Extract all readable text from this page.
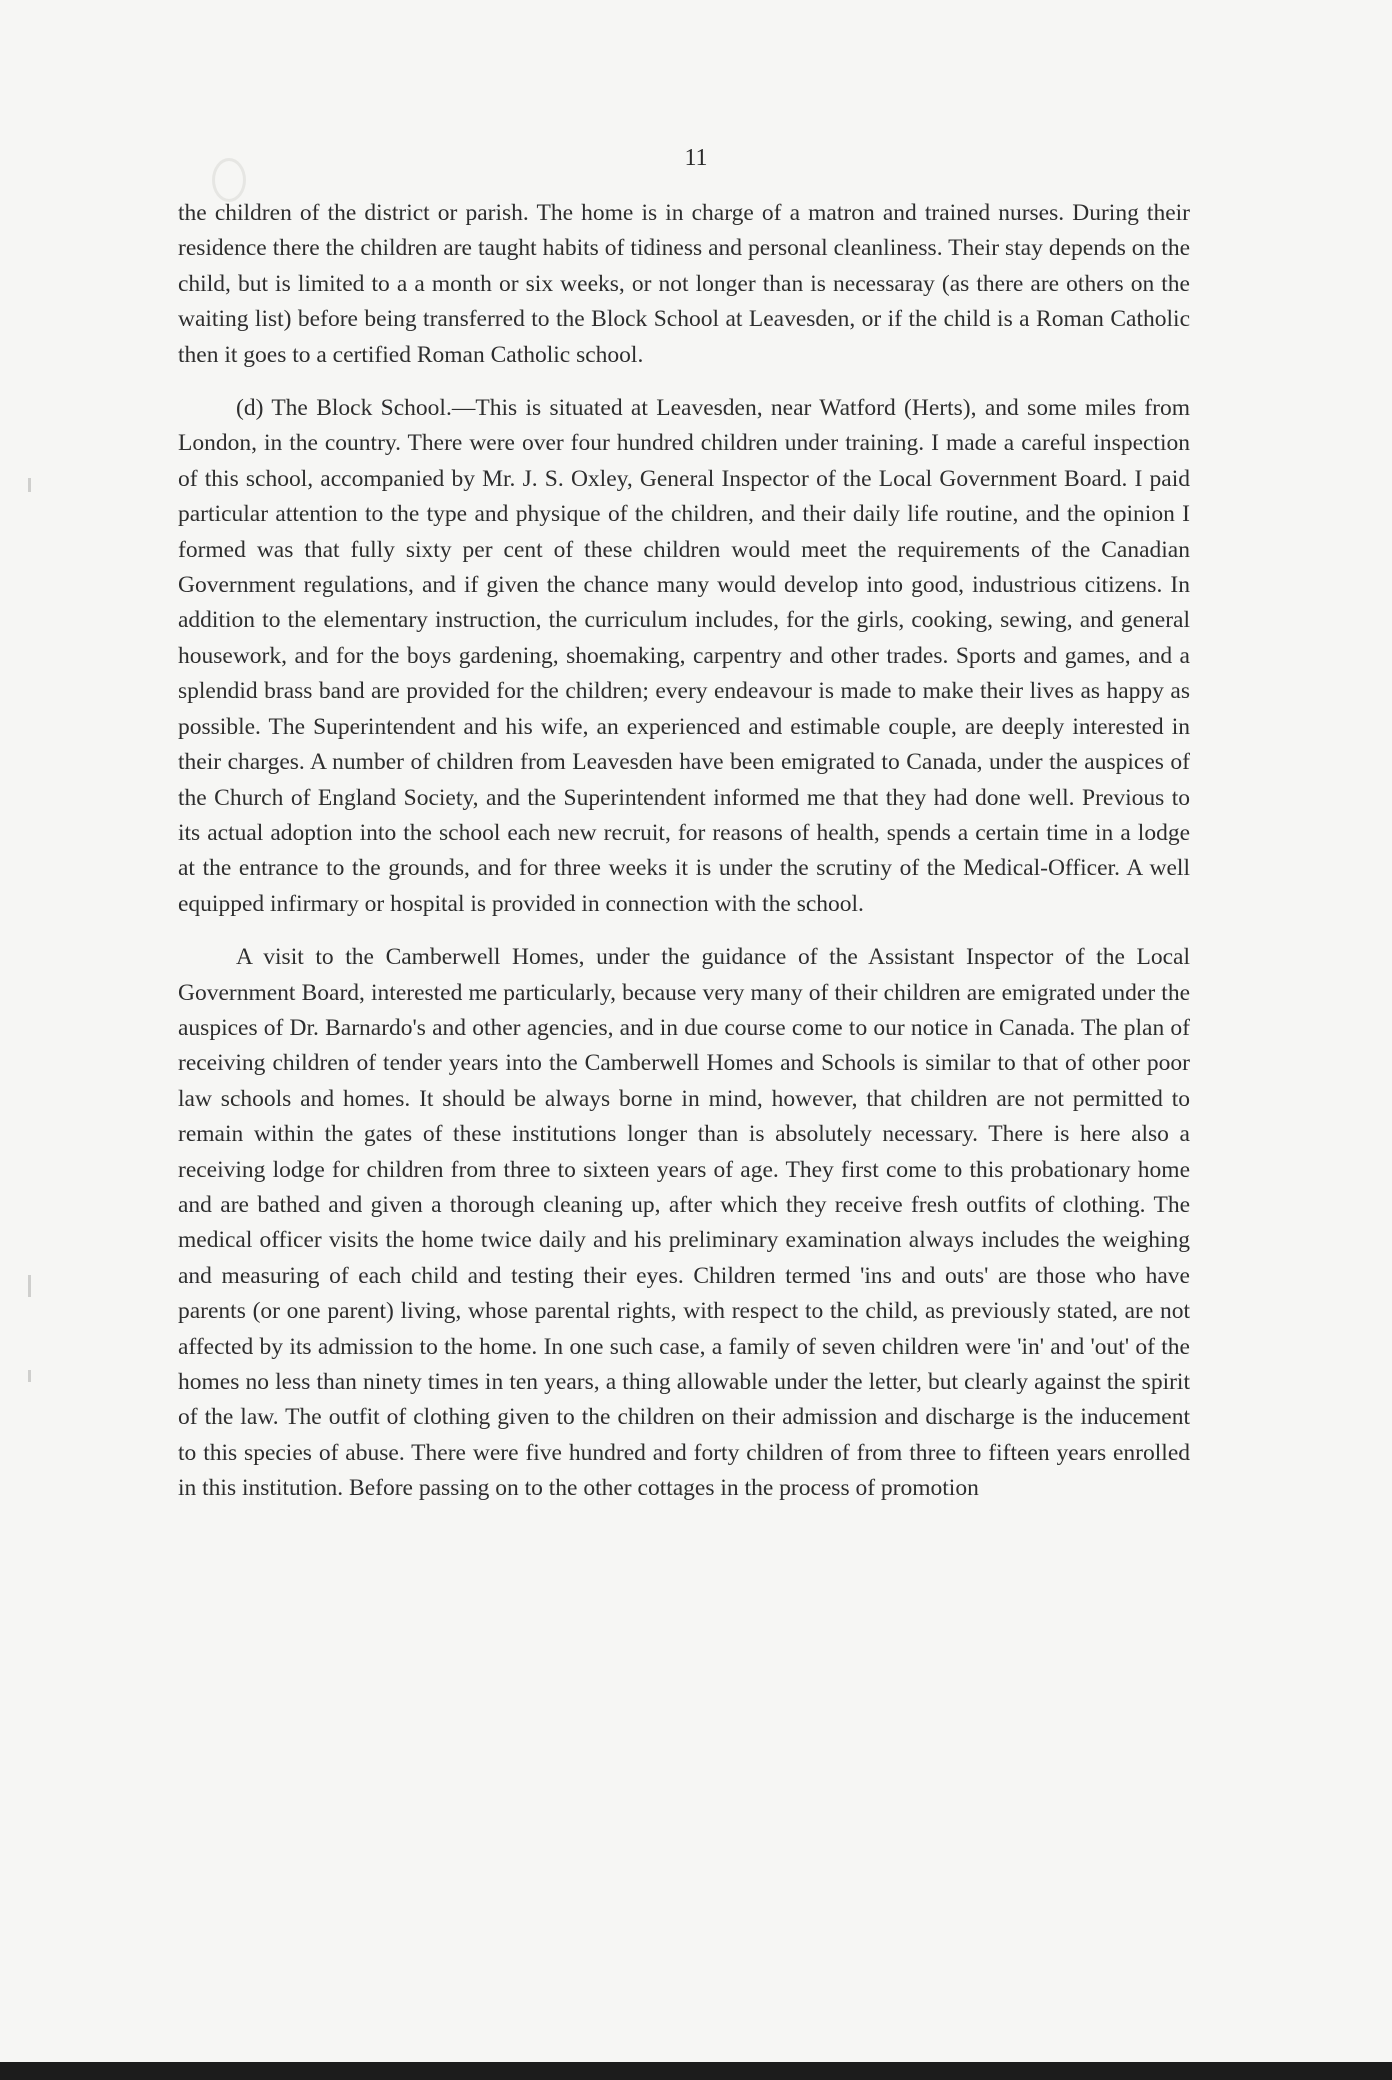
11

the children of the district or parish. The home is in charge of a matron and trained nurses. During their residence there the children are taught habits of tidiness and personal cleanliness. Their stay depends on the child, but is limited to a a month or six weeks, or not longer than is necessaray (as there are others on the waiting list) before being transferred to the Block School at Leavesden, or if the child is a Roman Catholic then it goes to a certified Roman Catholic school.

(d) The Block School.—This is situated at Leavesden, near Watford (Herts), and some miles from London, in the country. There were over four hundred children under training. I made a careful inspection of this school, accompanied by Mr. J. S. Oxley, General Inspector of the Local Government Board. I paid particular attention to the type and physique of the children, and their daily life routine, and the opinion I formed was that fully sixty per cent of these children would meet the requirements of the Canadian Government regulations, and if given the chance many would develop into good, industrious citizens. In addition to the elementary instruction, the curriculum includes, for the girls, cooking, sewing, and general housework, and for the boys gardening, shoemaking, carpentry and other trades. Sports and games, and a splendid brass band are provided for the children; every endeavour is made to make their lives as happy as possible. The Superintendent and his wife, an experienced and estimable couple, are deeply interested in their charges. A number of children from Leavesden have been emigrated to Canada, under the auspices of the Church of England Society, and the Superintendent informed me that they had done well. Previous to its actual adoption into the school each new recruit, for reasons of health, spends a certain time in a lodge at the entrance to the grounds, and for three weeks it is under the scrutiny of the Medical-Officer. A well equipped infirmary or hospital is provided in connection with the school.

A visit to the Camberwell Homes, under the guidance of the Assistant Inspector of the Local Government Board, interested me particularly, because very many of their children are emigrated under the auspices of Dr. Barnardo's and other agencies, and in due course come to our notice in Canada. The plan of receiving children of tender years into the Camberwell Homes and Schools is similar to that of other poor law schools and homes. It should be always borne in mind, however, that children are not permitted to remain within the gates of these institutions longer than is absolutely necessary. There is here also a receiving lodge for children from three to sixteen years of age. They first come to this probationary home and are bathed and given a thorough cleaning up, after which they receive fresh outfits of clothing. The medical officer visits the home twice daily and his preliminary examination always includes the weighing and measuring of each child and testing their eyes. Children termed 'ins and outs' are those who have parents (or one parent) living, whose parental rights, with respect to the child, as previously stated, are not affected by its admission to the home. In one such case, a family of seven children were 'in' and 'out' of the homes no less than ninety times in ten years, a thing allowable under the letter, but clearly against the spirit of the law. The outfit of clothing given to the children on their admission and discharge is the inducement to this species of abuse. There were five hundred and forty children of from three to fifteen years enrolled in this institution. Before passing on to the other cottages in the process of promotion
